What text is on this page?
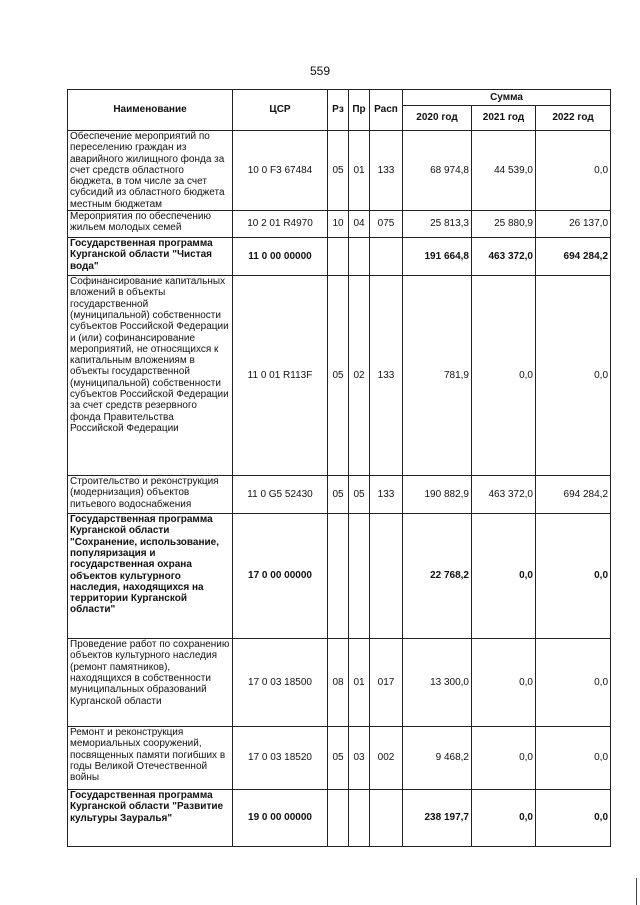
559
Наименование	ЦСР	Рз	Пр	Расп	Сумма		
					2020 год	2021 год	2022 год
Обеспечение мероприятий по переселению граждан из аварийного жилищного фонда за счет средств областного бюджета, в том числе за счет субсидий из областного бюджета местным бюджетам	10 0 F3 67484	05	01	133	68 974,8	44 539,0	0,0
Мероприятия по обеспечению жильем молодых семей	10 2 01 R4970	10	04	075	25 813,3	25 880,9	26 137,0
Государственная программа Курганской области "Чистая вода"	11 0 00 00000				191 664,8	463 372,0	694 284,2
Софинансирование капитальных вложений в объекты государственной (муниципальной) собственности субъектов Российской Федерации и (или) софинансирование мероприятий, не относящихся к капитальным вложениям в объекты государственной (муниципальной) собственности субъектов Российской Федерации за счет средств резервного фонда Правительства Российской Федерации	11 0 01 R113F	05	02	133	781,9	0,0	0,0
Строительство и реконструкция (модернизация) объектов питьевого водоснабжения	11 0 G5 52430	05	05	133	190 882,9	463 372,0	694 284,2
Государственная программа Курганской области "Сохранение, использование, популяризация и государственная охрана объектов культурного наследия, находящихся на территории Курганской области"	17 0 00 00000				22 768,2	0,0	0,0
Проведение работ по сохранению объектов культурного наследия (ремонт памятников), находящихся в собственности муниципальных образований Курганской области	17 0 03 18500	08	01	017	13 300,0	0,0	0,0
Ремонт и реконструкция мемориальных сооружений, посвященных памяти погибших в годы Великой Отечественной войны	17 0 03 18520	05	03	002	9 468,2	0,0	0,0
Государственная программа Курганской области "Развитие культуры Зауралья"	19 0 00 00000				238 197,7	0,0	0,0
